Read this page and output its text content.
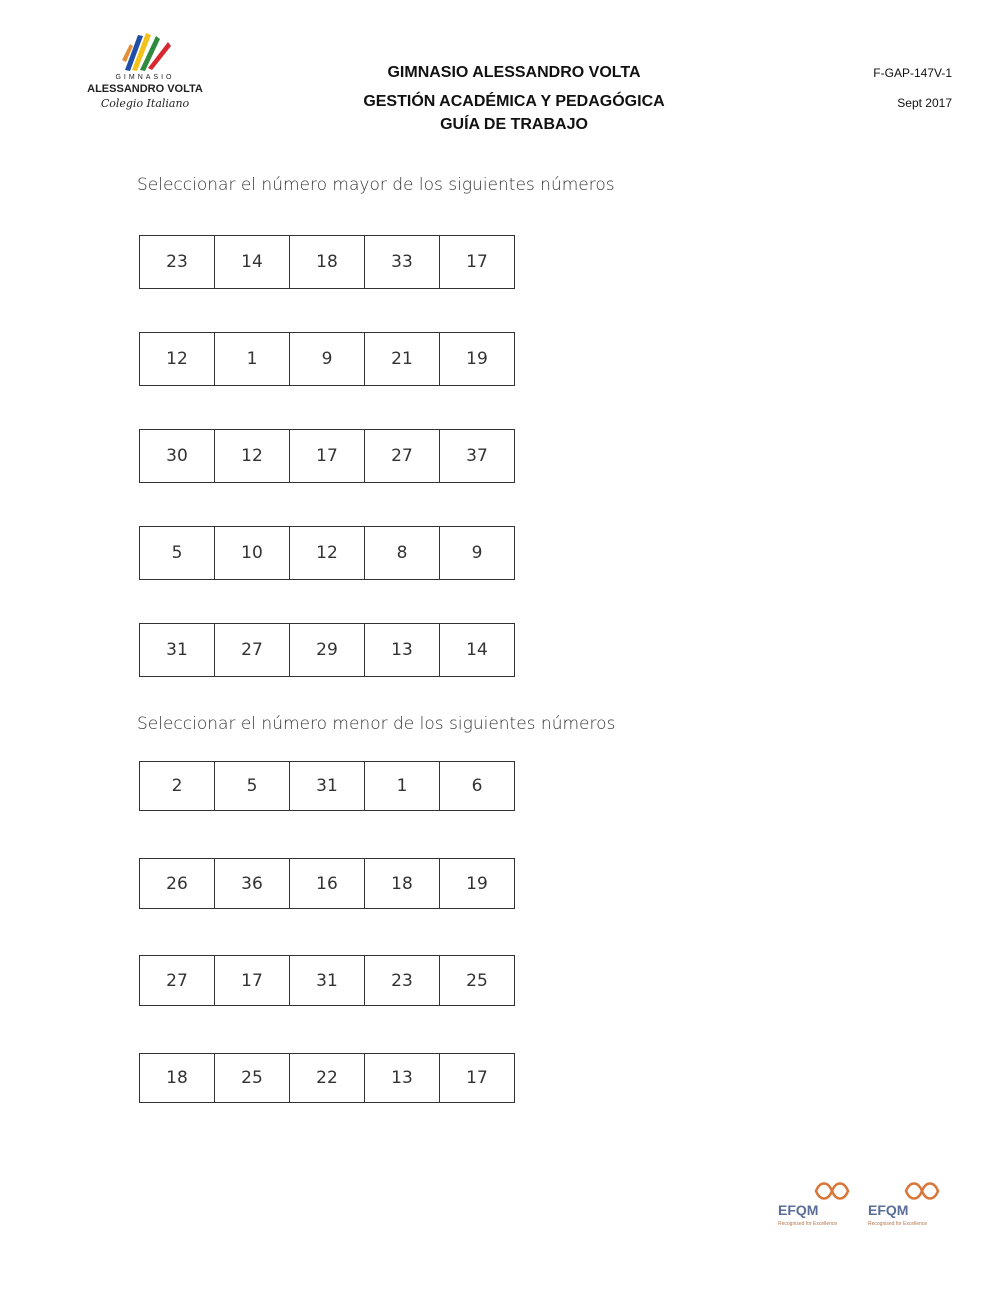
GIMNASIO
ALESSANDRO VOLTA
Colegio Italiano
GIMNASIO ALESSANDRO VOLTA
GESTIÓN ACADÉMICA Y PEDAGÓGICA
GUÍA DE TRABAJO
F-GAP-147V-1
Sept 2017
Seleccionar el número mayor de los siguientes números
23	14	18	33	17
12	1	9	21	19
30	12	17	27	37
5	10	12	8	9
31	27	29	13	14
Seleccionar el número menor de los siguientes números
2	5	31	1	6
26	36	16	18	19
27	17	31	23	25
18	25	22	13	17
EFQM
Recognised for Excellence
EFQM
Recognised for Excellence
